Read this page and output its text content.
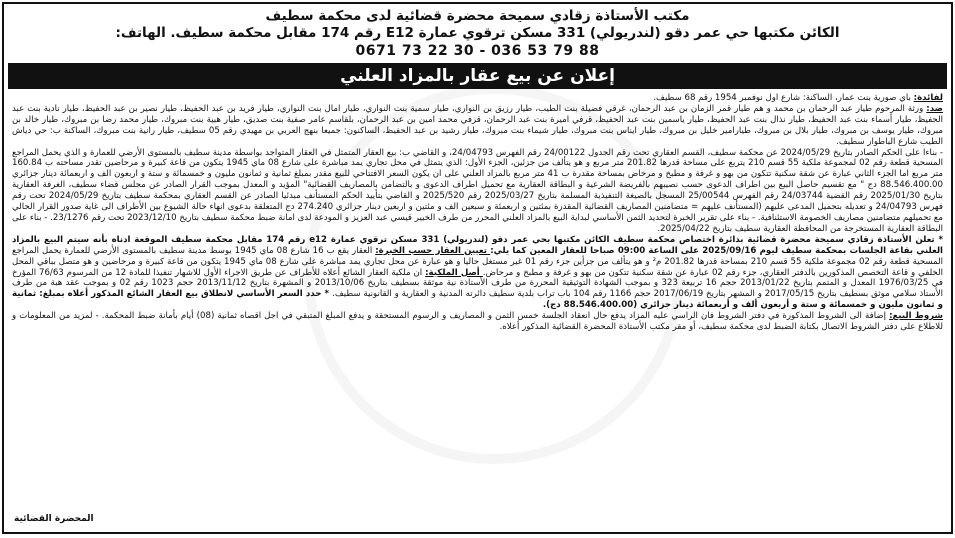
مكتب الأستاذة زقادي سميحة محضرة قضائية لدى محكمة سطيف
الكائن مكتبها حي عمر دقو (لندريولي) 331 مسكن ترقوي عمارة E12 رقم 174 مقابل محكمة سطيف. الهاتف:
0671 73 22 30 - 036 53 79 88
إعلان عن بيع عقار بالمزاد العلني

لفائدة: باي صورية بنت عمار، الساكنة: شارع اول نوفمبر 1954 رقم 68 سطيف.

ضد: ورثة المرحوم طيار عبد الرحمان بن محمد و هم طيار قمر الزمان بن عبد الرحمان، غرقي فضيلة بنت الطيب، طيار رزيق بن النواري، طيار سمية بنت النواري، طيار امال بنت النواري، طيار فريد بن عبد الحفيظ، طيار نصير بن عبد الحفيظ، طيار نادية بنت عبد الحفيظ، طيار أسماء بنت عبد الحفيظ، طيار نذال بنت عبد الحفيظ، طيار ياسمين بنت عبد الحفيظ، قرفي اميرة بنت عبد الرحمان، قرفي محمد امين بن عبد الرحمان، بلقاسم عامر صفية بنت صديق، طيار هبية بنت مبروك، طيار محمد رضا بن مبروك، طيار خالد بن مبروك، طيار يوسف بن مبروك، طيار بلال بن مبروك، طيارامير خليل بن مبروك، طيار ايناس بنت مبروك، طيار شيماء بنت مبروك، طيار رشيد بن عبد الحفيظ، الساكنون: جميعا بنهج العربي بن مهيدي رقم 05 سطيف، طيار رانية بنت مبروك، الساكنة ب: حي دياش الطيب شارع الباطوار سطيف.

- بناءا على الحكم الصادر بتاريخ 2024/05/29 عن محكمة سطيف، القسم العقاري تحت رقم الجدول 24/00122 رقم الفهرس 24/04793، و القاضي ب: بيع العقار المتمثل في العقار المتواجد بواسطة مدينة سطيف بالمستوى الأرضي للعمارة و الذي يحمل المراجع المسحية قطعة رقم 02 لمجموعة ملكية 55 قسم 210 يتربع على مساحة قدرها 201.82 متر مربع و هو يتألف من جزئين، الجزء الأول: الذي يتمثل في محل تجاري يمد مباشرة على شارع 08 ماي 1945 يتكون من قاعة كبيرة و مرحاضين تقدر مساحته ب 160.84 متر مربع اما الجزء الثاني عبارة عن شقة سكنية تتكون من بهو و غرفة و مطبخ و مرحاض بمساحة مقدرة ب 41 متر مربع بالمزاد العلني على ان يكون السعر الافتتاحي للبيع مقدر بمبلغ ثمانية و ثمانون مليون و خمسمائة و ستة و اربعون الف و اربعمائة دينار جزائري 88.546.400.00 دج " مع تقسيم حاصل البيع بين اطراف الدعوى حسب نصيبهم بالفريضة الشرعية و البطاقة العقارية مع تحميل اطراف الدعوى و بالتضامن بالمصاريف القضائية" المؤيد و المعدل بموجب القرار الصادر عن مجلس قضاء سطيف، الغرفة العقارية بتاريخ 2025/01/30 رقم القضية 24/03744 رقم الفهرس 25/00544 المسجل بالصيغة التنفيذية المسلمة بتاريخ 2025/03/27 رقم 2025/520 و القاضي بتأييد الحكم المستأنف مبدئيا الصادر عن القسم العقاري بمحكمة سطيف بتاريخ 2024/05/29 تحت رقم فهرس 24/04793 و تعديله بتحميل المدعى عليهم (المستأنف عليهم = متضامنين المصاريف القضائية المقدرة بمئتين و اربعمئة و سبعين الف و مئتين و اربعين دينار جزائري 274.240 دج المتعلقة بدعوى انهاء حالة الشيوع بين الأطراف الى غاية صدور القرار الحالي مع تحميلهم متضامنين مصاريف الخصومة الاستئنافية. - بناء على تقرير الخبرة لتحديد الثمن الأساسي لبداية البيع بالمزاد العلني المحرر من طرف الخبير قيسي عبد العزيز و المودعة لدى امانة ضبط محكمة سطيف بتاريخ 2023/12/10 تحت رقم 23/1276. - بناء على البطاقة العقارية المستخرجة من المحافظة العقارية سطيف بتاريخ 2025/04/22.

* تعلن الأستاذة زقادي سميحة محضرة قضائية بدائرة اختصاص محكمة سطيف الكائن مكتبها بحي عمر دقو (لندريولي) 331 مسكن ترقوي عمارة e12 رقم 174 مقابل محكمة سطيف الموقعة ادناه بأنه سيتم البيع بالمزاد العلني بقاعة الجلسات بمحكمة سطيف ليوم 2025/09/16 على الساعة 09:00 صباحا للعقار المعين كما يلي: تعيين العقار حسب الخبرة: العقار يقع ب 16 شارع 08 ماي 1945 بوسط مدينة سطيف بالمستوى الأرضي للعمارة يحمل المراجع المسحية قطعة رقم 02 مجموعة ملكية 55 قسم 210 بمساحة قدرها 201.82 م² و هو يتألف من جزأين جزء رقم 01 غير مستغل حاليا و هو عبارة عن محل تجاري يمد مباشرة على شارع 08 ماي 1945 يتكون من قاعة كبيرة و مرحاضين و هو متصل بباقي المحل الخلفي و قاعة التخصص المذكورين بالدفتر العقاري، جزء رقم 02 عبارة عن شقة سكنية تتكون من بهو و غرفة و مطبخ و مرحاض. أصل الملكية: ان ملكية العقار الشائع أعلاه للأطراف عن طريق الاجراء الأول للاشهار تنفيذا للمادة 12 من المرسوم 76/63 المؤرخ في 1976/03/25 المعدل و المتمم بتاريخ 2013/01/22 حجم 16 تربيعة 323 و بموجب الشهادة التوثيقية المحررة من طرف الأستاذة نية موثقة بسطيف بتاريخ 2013/10/06 و المشهرة بتاريخ 2013/11/12 حجم 1023 رقم 02 و بموجب عقد هبة من طرف الأستاذ سلامي موثق بسطيف بتاريخ 2017/05/15 و المشهر بتاريخ 2017/06/19 حجم 1166 رقم 104 باب تراب بلدية سطيف دائرته المدنية و العقارية و القانونية سطيف. * حدد السعر الأساسي لانطلاق بيع العقار الشائع المذكور أعلاه بمبلغ: ثمانية و ثمانون مليون و خمسمائة و ستة و أربعون ألف و أربعمائة دينار جزائري (88.546.400.00 دج).

شروط البيع: إضافة الى الشروط المذكورة في دفتر الشروط فان الراسي عليه المزاد يدفع حال انعقاد الجلسة خمس الثمن و المصاريف و الرسوم المستحقة و يدفع المبلغ المتبقي في اجل اقصاه ثمانية (08) أيام بأمانة ضبط المحكمة. - لمزيد من المعلومات و للاطلاع على دفتر الشروط الاتصال بكتابة الضبط لدى محكمة سطيف، أو مقر مكتب الأستاذة المحضرة القضائية المذكور أعلاه.

المحضرة القضائية
